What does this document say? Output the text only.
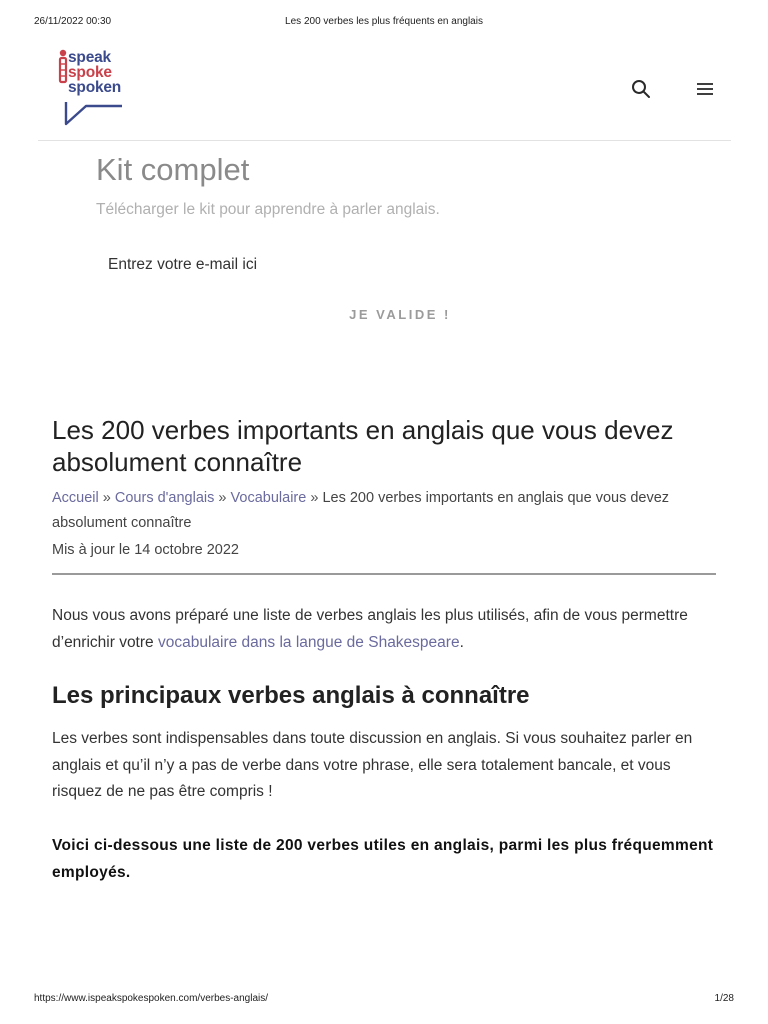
26/11/2022 00:30	Les 200 verbes les plus fréquents en anglais
speak
spoke
spoken
Kit complet
Télécharger le kit pour apprendre à parler anglais.
Entrez votre e-mail ici
JE VALIDE !
Les 200 verbes importants en anglais que vous devez absolument connaître
Accueil » Cours d'anglais » Vocabulaire » Les 200 verbes importants en anglais que vous devez absolument connaître
Mis à jour le 14 octobre 2022

Nous vous avons préparé une liste de verbes anglais les plus utilisés, afin de vous permettre d’enrichir votre vocabulaire dans la langue de Shakespeare.

Les principaux verbes anglais à connaître

Les verbes sont indispensables dans toute discussion en anglais. Si vous souhaitez parler en anglais et qu’il n’y a pas de verbe dans votre phrase, elle sera totalement bancale, et vous risquez de ne pas être compris !

Voici ci-dessous une liste de 200 verbes utiles en anglais, parmi les plus fréquemment employés.

https://www.ispeakspokespoken.com/verbes-anglais/	1/28
